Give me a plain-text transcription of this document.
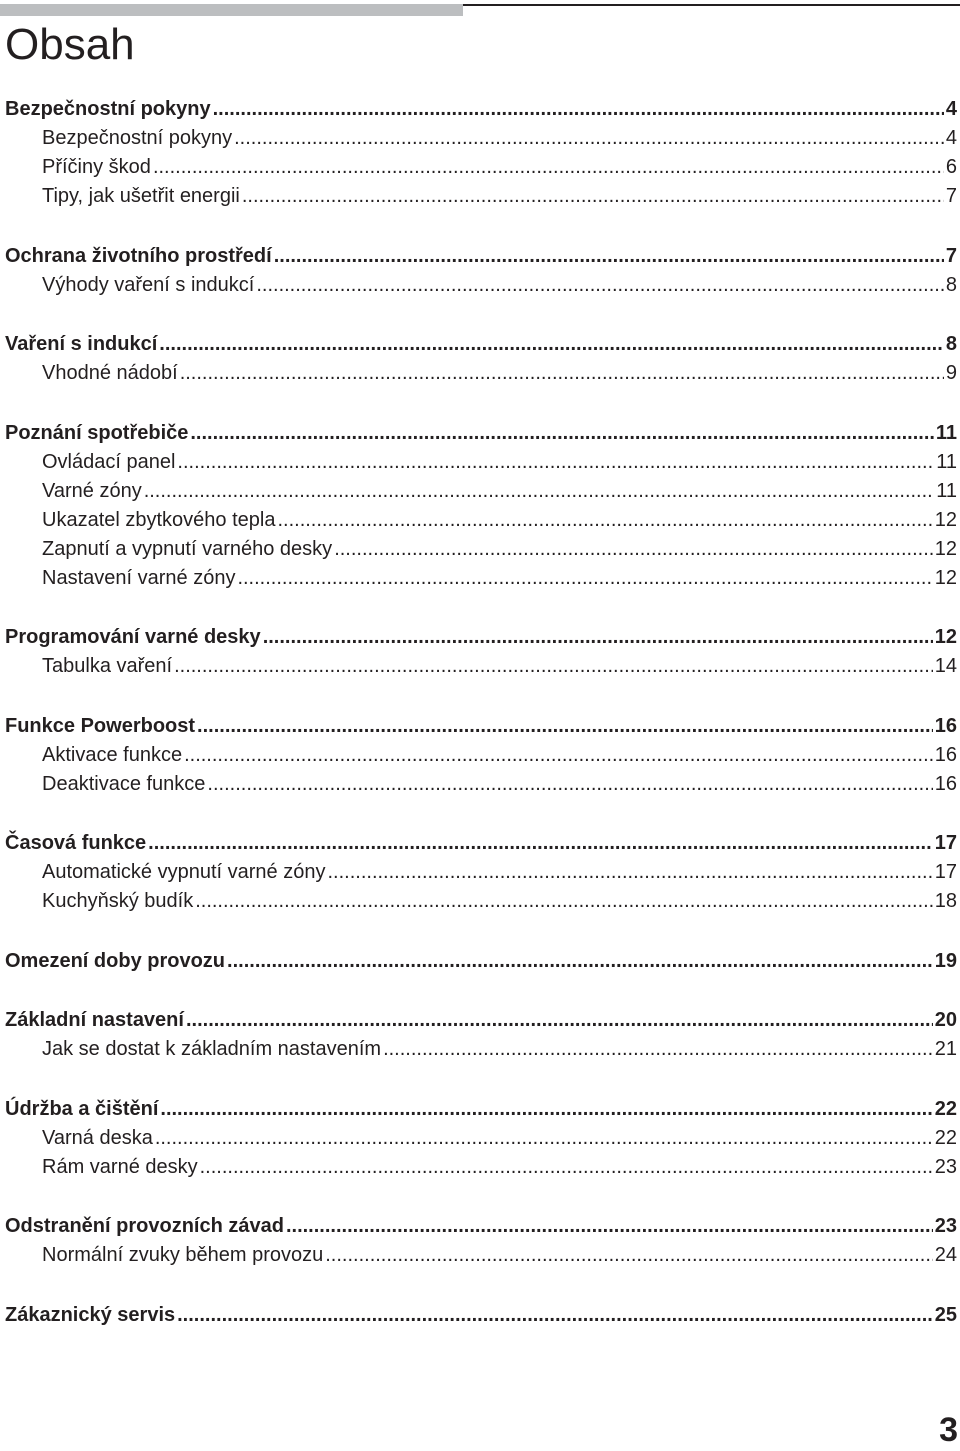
Obsah
Bezpečnostní pokyny .....	4
Bezpečnostní pokyny .....	4
Příčiny škod .....	6
Tipy, jak ušetřit energii .....	7
Ochrana životního prostředí .....	7
Výhody vaření s indukcí .....	8
Vaření s indukcí .....	8
Vhodné nádobí .....	9
Poznání spotřebiče .....	11
Ovládací panel .....	11
Varné zóny .....	11
Ukazatel zbytkového tepla .....	12
Zapnutí a vypnutí varného desky .....	12
Nastavení varné zóny .....	12
Programování varné desky .....	12
Tabulka vaření .....	14
Funkce Powerboost .....	16
Aktivace funkce .....	16
Deaktivace funkce .....	16
Časová funkce .....	17
Automatické vypnutí varné zóny .....	17
Kuchyňský budík .....	18
Omezení doby provozu .....	19
Základní nastavení .....	20
Jak se dostat k základním nastavením .....	21
Údržba a čištění .....	22
Varná deska .....	22
Rám varné desky .....	23
Odstranění provozních závad .....	23
Normální zvuky během provozu .....	24
Zákaznický servis .....	25
3
